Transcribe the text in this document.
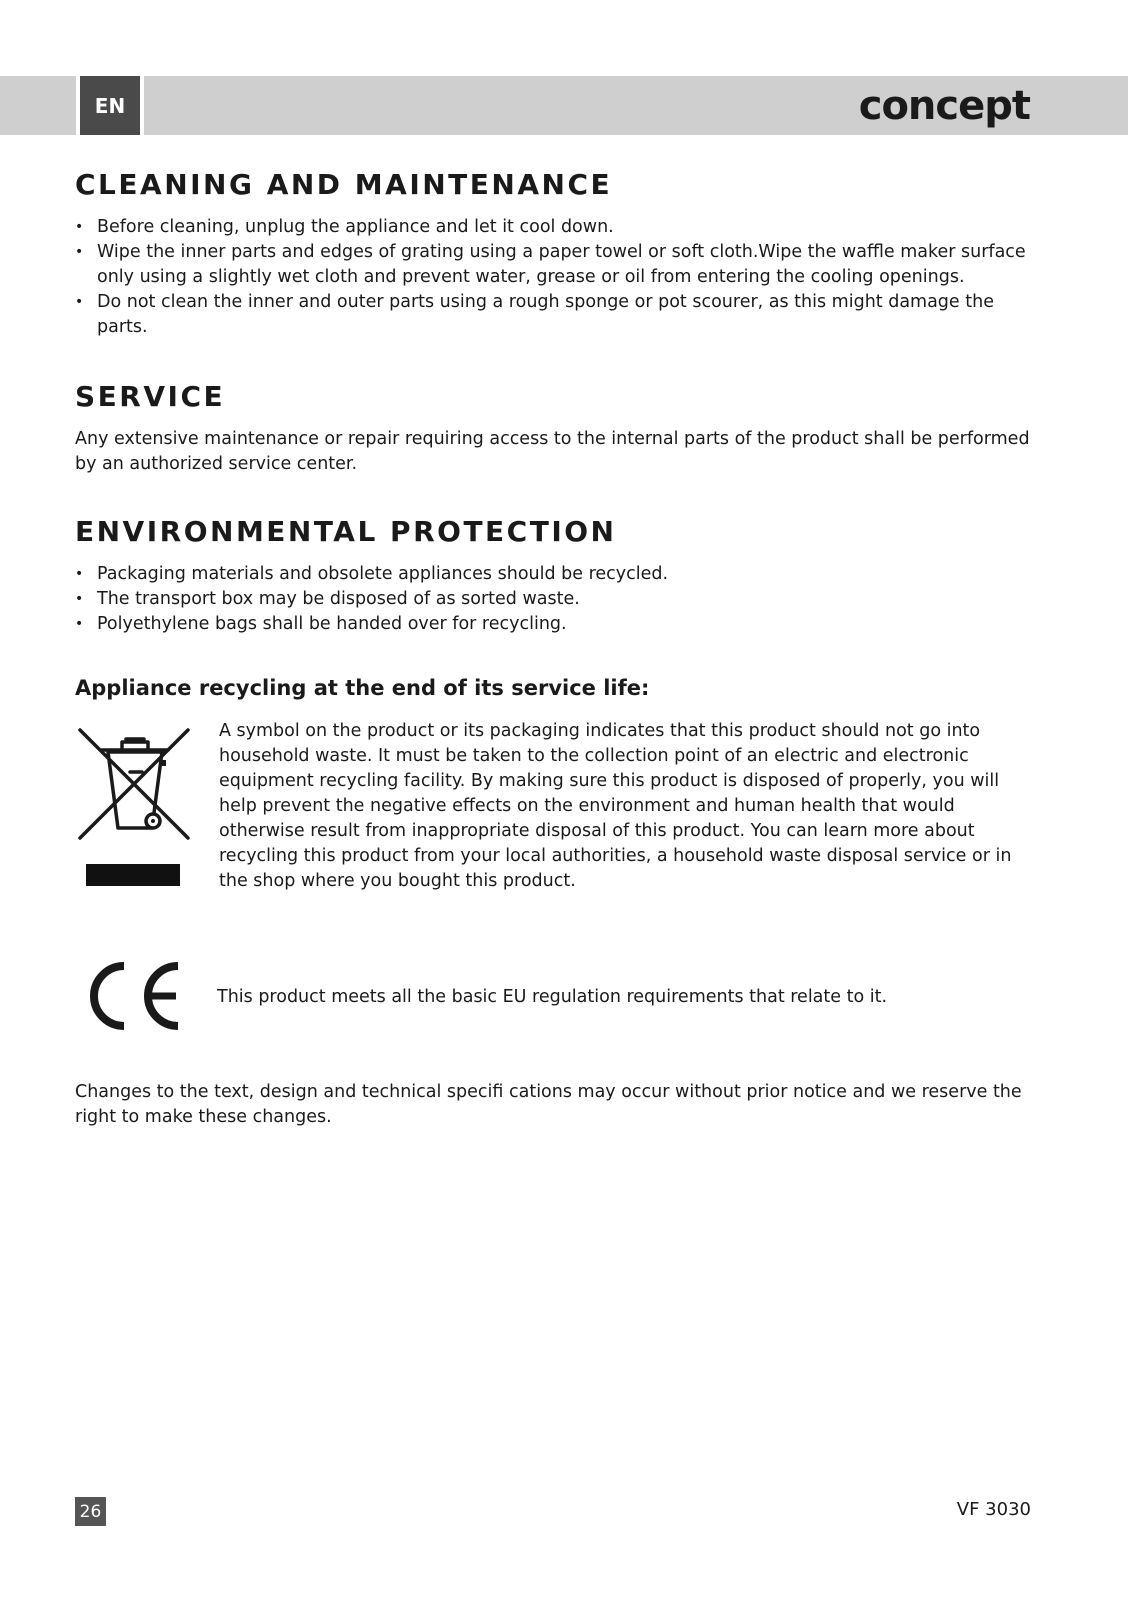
EN	concept
CLEANING AND MAINTENANCE
• Before cleaning, unplug the appliance and let it cool down.
• Wipe the inner parts and edges of grating using a paper towel or soft cloth.Wipe the waffle maker surface only using a slightly wet cloth and prevent water, grease or oil from entering the cooling openings.
• Do not clean the inner and outer parts using a rough sponge or pot scourer, as this might damage the parts.
SERVICE

Any extensive maintenance or repair requiring access to the internal parts of the product shall be performed by an authorized service center.

ENVIRONMENTAL PROTECTION
• Packaging materials and obsolete appliances should be recycled.
• The transport box may be disposed of as sorted waste.
• Polyethylene bags shall be handed over for recycling.
Appliance recycling at the end of its service life:

A symbol on the product or its packaging indicates that this product should not go into household waste. It must be taken to the collection point of an electric and electronic equipment recycling facility. By making sure this product is disposed of properly, you will help prevent the negative effects on the environment and human health that would otherwise result from inappropriate disposal of this product. You can learn more about recycling this product from your local authorities, a household waste disposal service or in the shop where you bought this product.

This product meets all the basic EU regulation requirements that relate to it.

Changes to the text, design and technical specifi cations may occur without prior notice and we reserve the right to make these changes.

26	VF 3030
